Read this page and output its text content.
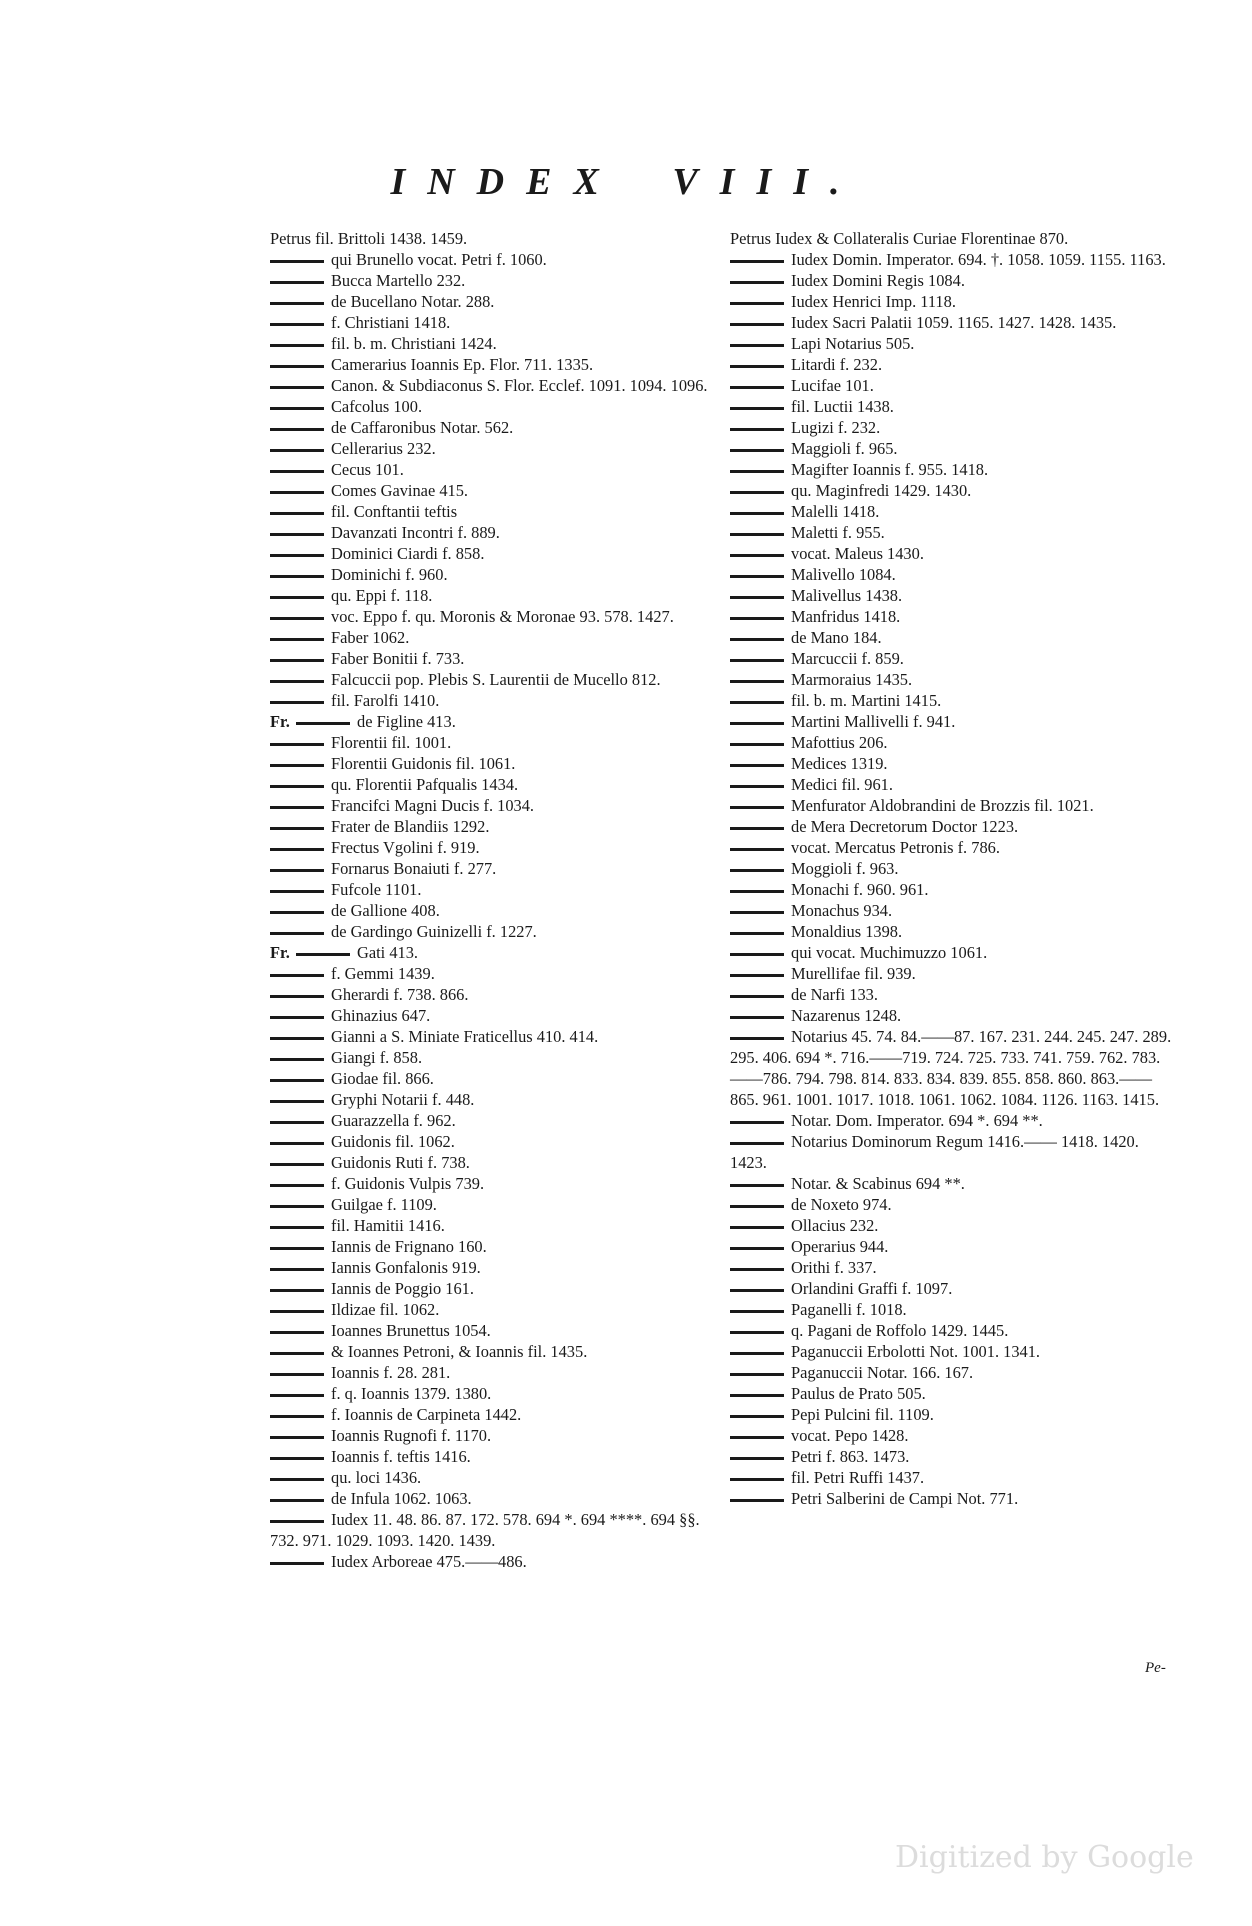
INDEX VIII.
Petrus fil. Brittoli 1438. 1459.
qui Brunello vocat. Petri f. 1060.
Bucca Martello 232.
de Bucellano Notar. 288.
f. Christiani 1418.
fil. b. m. Christiani 1424.
Camerarius Ioannis Ep. Flor. 711. 1335.
Canon. & Subdiaconus S. Flor. Ecclef. 1091. 1094. 1096.
Cafcolus 100.
de Caffaronibus Notar. 562.
Cellerarius 232.
Cecus 101.
Comes Gavinae 415.
fil. Conftantii teftis
Davanzati Incontri f. 889.
Dominici Ciardi f. 858.
Dominichi f. 960.
qu. Eppi f. 118.
voc. Eppo f. qu. Moronis & Moronae 93. 578. 1427.
Faber 1062.
Faber Bonitii f. 733.
Falcuccii pop. Plebis S. Laurentii de Mucello 812.
fil. Farolfi 1410.
Fr.	de Figline 413.
Florentii fil. 1001.
Florentii Guidonis fil. 1061.
qu. Florentii Pafqualis 1434.
Francifci Magni Ducis f. 1034.
Frater de Blandiis 1292.
Frectus Vgolini f. 919.
Fornarus Bonaiuti f. 277.
Fufcole 1101.
de Gallione 408.
de Gardingo Guinizelli f. 1227.
Fr.	Gati 413.
f. Gemmi 1439.
Gherardi f. 738. 866.
Ghinazius 647.
Gianni a S. Miniate Fraticellus 410. 414.
Giangi f. 858.
Giodae fil. 866.
Gryphi Notarii f. 448.
Guarazzella f. 962.
Guidonis fil. 1062.
Guidonis Ruti f. 738.
f. Guidonis Vulpis 739.
Guilgae f. 1109.
fil. Hamitii 1416.
Iannis de Frignano 160.
Iannis Gonfalonis 919.
Iannis de Poggio 161.
Ildizae fil. 1062.
Ioannes Brunettus 1054.
& Ioannes Petroni, & Ioannis fil. 1435.
Ioannis f. 28. 281.
f. q. Ioannis 1379. 1380.
f. Ioannis de Carpineta 1442.
Ioannis Rugnofi f. 1170.
Ioannis f. teftis 1416.
qu. loci 1436.
de Infula 1062. 1063.
Iudex 11. 48. 86. 87. 172. 578. 694 *. 694 ****. 694 §§. 732. 971. 1029. 1093. 1420. 1439.
Iudex Arboreae 475.——486.
Petrus Iudex & Collateralis Curiae Florentinae 870.
Iudex Domin. Imperator. 694. †. 1058. 1059. 1155. 1163.
Iudex Domini Regis 1084.
Iudex Henrici Imp. 1118.
Iudex Sacri Palatii 1059. 1165. 1427. 1428. 1435.
Lapi Notarius 505.
Litardi f. 232.
Lucifae 101.
fil. Luctii 1438.
Lugizi f. 232.
Maggioli f. 965.
Magifter Ioannis f. 955. 1418.
qu. Maginfredi 1429. 1430.
Malelli 1418.
Maletti f. 955.
vocat. Maleus 1430.
Malivello 1084.
Malivellus 1438.
Manfridus 1418.
de Mano 184.
Marcuccii f. 859.
Marmoraius 1435.
fil. b. m. Martini 1415.
Martini Mallivelli f. 941.
Mafottius 206.
Medices 1319.
Medici fil. 961.
Menfurator Aldobrandini de Brozzis fil. 1021.
de Mera Decretorum Doctor 1223.
vocat. Mercatus Petronis f. 786.
Moggioli f. 963.
Monachi f. 960. 961.
Monachus 934.
Monaldius 1398.
qui vocat. Muchimuzzo 1061.
Murellifae fil. 939.
de Narfi 133.
Nazarenus 1248.
Notarius 45. 74. 84.——87. 167. 231. 244. 245. 247. 289. 295. 406. 694 *. 716.——719. 724. 725. 733. 741. 759. 762. 783.——786. 794. 798. 814. 833. 834. 839. 855. 858. 860. 863.——865. 961. 1001. 1017. 1018. 1061. 1062. 1084. 1126. 1163. 1415.
Notar. Dom. Imperator. 694 *. 694 **.
Notarius Dominorum Regum 1416.—— 1418. 1420. 1423.
Notar. & Scabinus 694 **.
de Noxeto 974.
Ollacius 232.
Operarius 944.
Orithi f. 337.
Orlandini Graffi f. 1097.
Paganelli f. 1018.
q. Pagani de Roffolo 1429. 1445.
Paganuccii Erbolotti Not. 1001. 1341.
Paganuccii Notar. 166. 167.
Paulus de Prato 505.
Pepi Pulcini fil. 1109.
vocat. Pepo 1428.
Petri f. 863. 1473.
fil. Petri Ruffi 1437.
Petri Salberini de Campi Not. 771.
Pe-
Digitized by Google
